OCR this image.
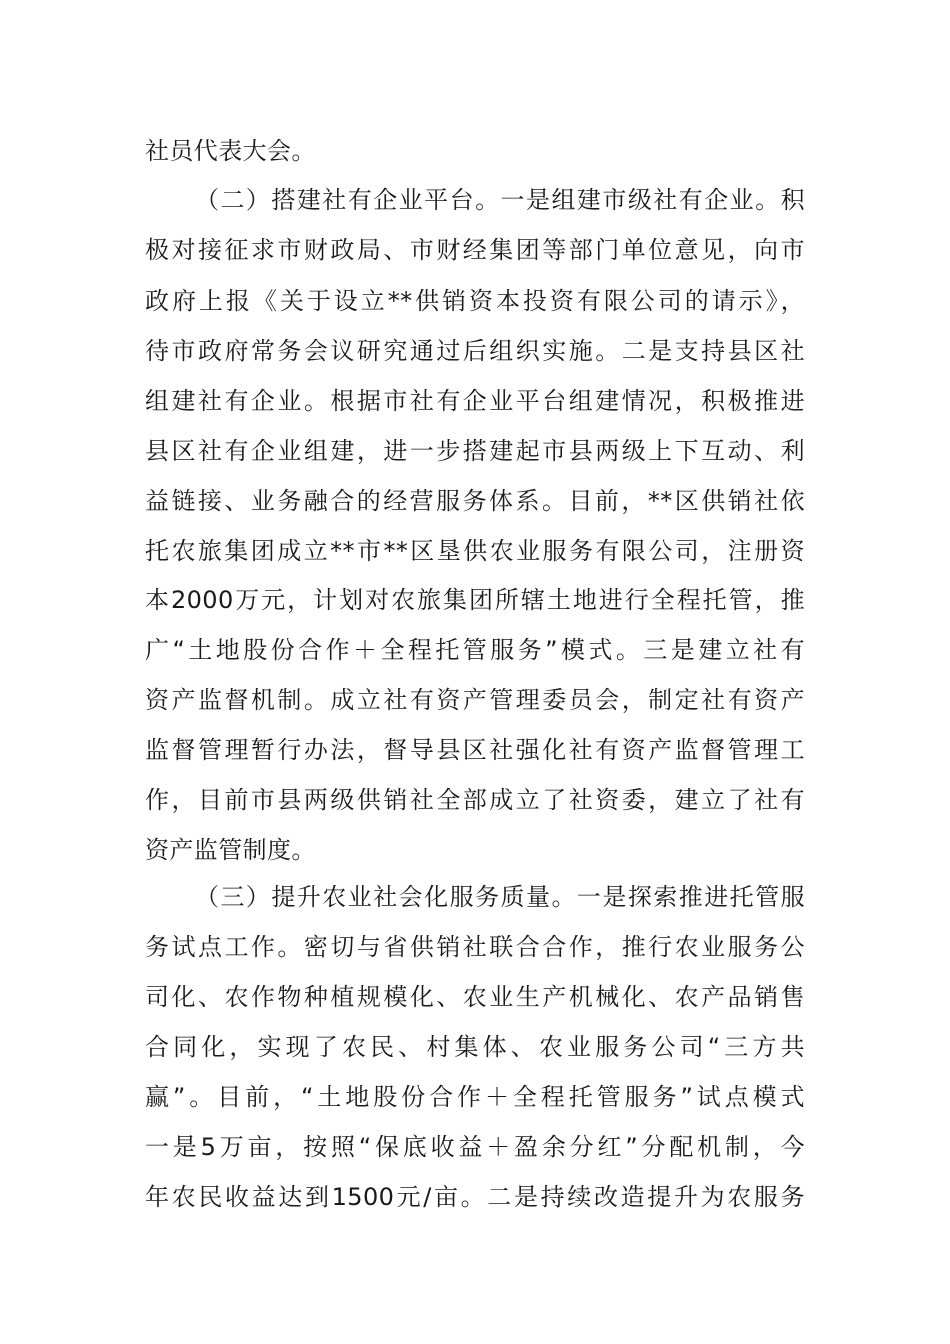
社员代表大会。
（二）搭建社有企业平台。一是组建市级社有企业。积
极对接征求市财政局、市财经集团等部门单位意见，向市
政府上报《关于设立**供销资本投资有限公司的请示》，
待市政府常务会议研究通过后组织实施。二是支持县区社
组建社有企业。根据市社有企业平台组建情况，积极推进
县区社有企业组建，进一步搭建起市县两级上下互动、利
益链接、业务融合的经营服务体系。目前，**区供销社依
托农旅集团成立**市**区垦供农业服务有限公司，注册资
本2000万元，计划对农旅集团所辖土地进行全程托管，推
广“土地股份合作＋全程托管服务”模式。三是建立社有
资产监督机制。成立社有资产管理委员会，制定社有资产
监督管理暂行办法，督导县区社强化社有资产监督管理工
作，目前市县两级供销社全部成立了社资委，建立了社有
资产监管制度。
（三）提升农业社会化服务质量。一是探索推进托管服
务试点工作。密切与省供销社联合合作，推行农业服务公
司化、农作物种植规模化、农业生产机械化、农产品销售
合同化，实现了农民、村集体、农业服务公司“三方共
赢”。目前，“土地股份合作＋全程托管服务”试点模式
一是5万亩，按照“保底收益＋盈余分红”分配机制，今
年农民收益达到1500元/亩。二是持续改造提升为农服务
